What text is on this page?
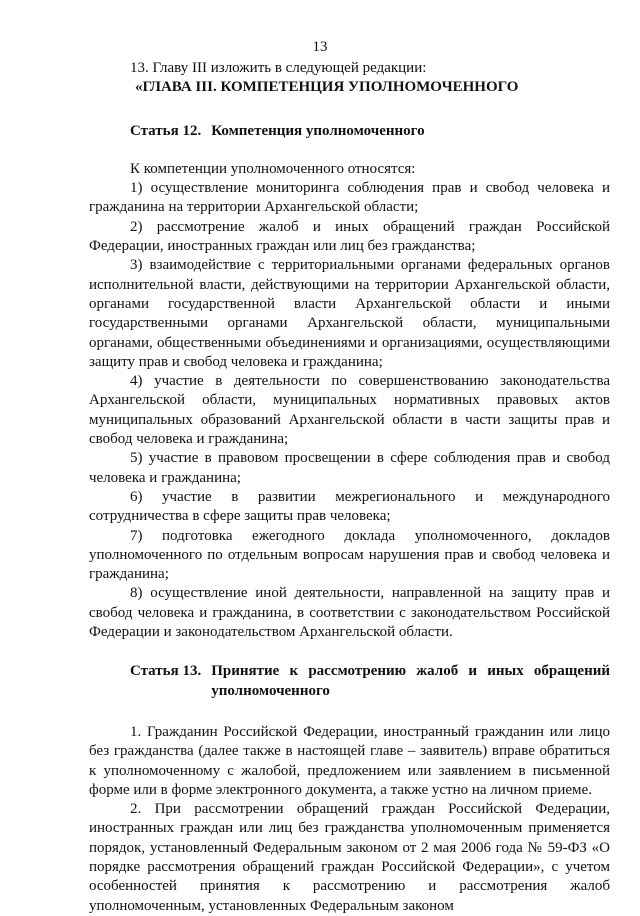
13

13. Главу III изложить в следующей редакции:

«ГЛАВА III. КОМПЕТЕНЦИЯ УПОЛНОМОЧЕННОГО

Статья 12. Компетенция уполномоченного

К компетенции уполномоченного относятся:

1) осуществление мониторинга соблюдения прав и свобод человека и гражданина на территории Архангельской области;

2) рассмотрение жалоб и иных обращений граждан Российской Федерации, иностранных граждан или лиц без гражданства;

3) взаимодействие с территориальными органами федеральных органов исполнительной власти, действующими на территории Архангельской области, органами государственной власти Архангельской области и иными государственными органами Архангельской области, муниципальными органами, общественными объединениями и организациями, осуществляющими защиту прав и свобод человека и гражданина;

4) участие в деятельности по совершенствованию законодательства Архангельской области, муниципальных нормативных правовых актов муниципальных образований Архангельской области в части защиты прав и свобод человека и гражданина;

5) участие в правовом просвещении в сфере соблюдения прав и свобод человека и гражданина;

6) участие в развитии межрегионального и международного сотрудничества в сфере защиты прав человека;

7) подготовка ежегодного доклада уполномоченного, докладов уполномоченного по отдельным вопросам нарушения прав и свобод человека и гражданина;

8) осуществление иной деятельности, направленной на защиту прав и свобод человека и гражданина, в соответствии с законодательством Российской Федерации и законодательством Архангельской области.

Статья 13. Принятие к рассмотрению жалоб и иных обращений уполномоченного

1. Гражданин Российской Федерации, иностранный гражданин или лицо без гражданства (далее также в настоящей главе – заявитель) вправе обратиться к уполномоченному с жалобой, предложением или заявлением в письменной форме или в форме электронного документа, а также устно на личном приеме.

2. При рассмотрении обращений граждан Российской Федерации, иностранных граждан или лиц без гражданства уполномоченным применяется порядок, установленный Федеральным законом от 2 мая 2006 года № 59-ФЗ «О порядке рассмотрения обращений граждан Российской Федерации», с учетом особенностей принятия к рассмотрению и рассмотрения жалоб уполномоченным, установленных Федеральным законом
